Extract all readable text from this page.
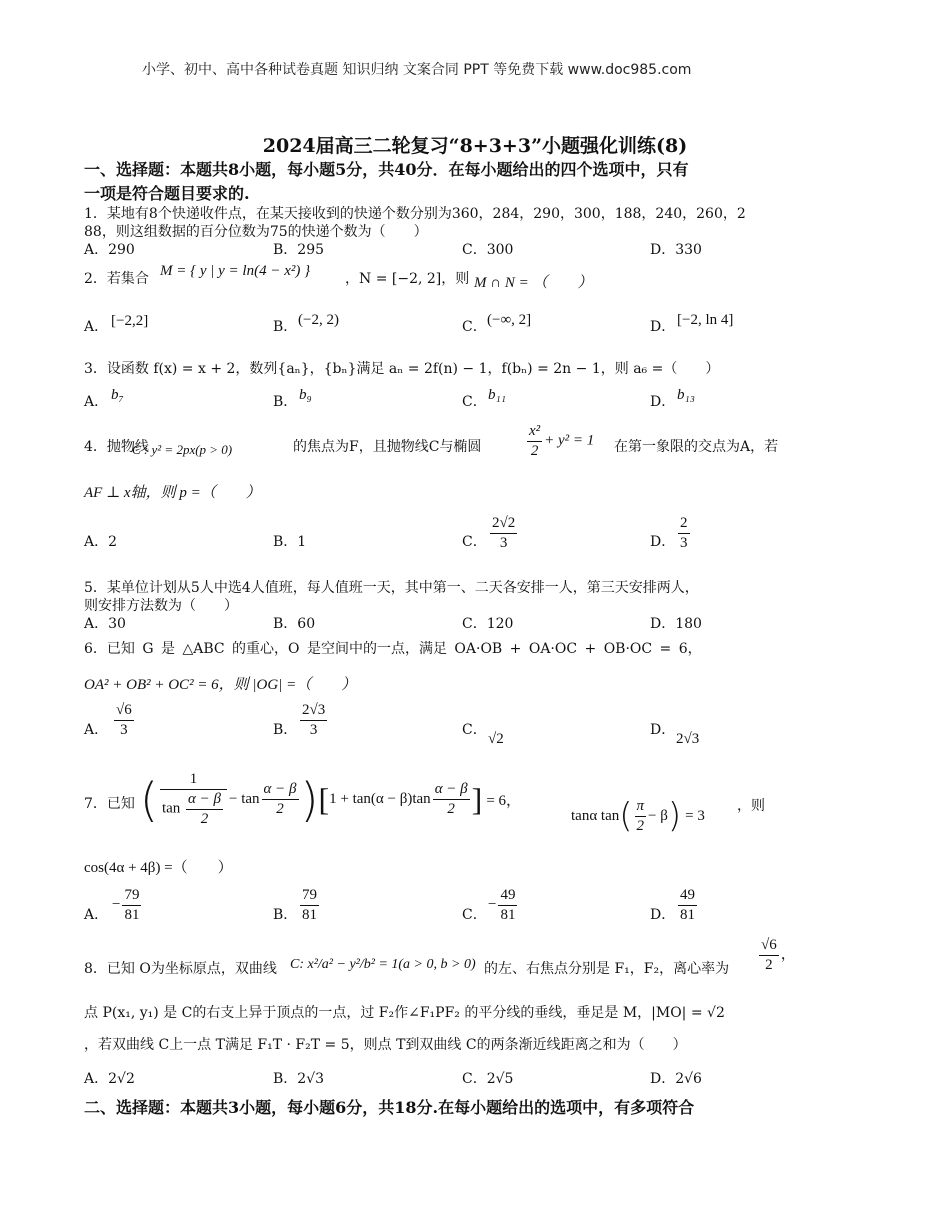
小学、初中、高中各种试卷真题 知识归纳 文案合同 PPT 等免费下载 www.doc985.com
2024届高三二轮复习“8+3+3”小题强化训练(8)
一、选择题：本题共8小题，每小题5分，共40分．在每小题给出的四个选项中，只有
一项是符合题目要求的.
1．某地有8个快递收件点，在某天接收到的快递个数分别为360，284，290，300，188，240，260，2
88，则这组数据的百分位数为75的快递个数为（　　）
A．290	B．295	C．300	D．330
2．若集合 M = { y | y = ln(4 − x²) } ，N = [−2, 2]，则 M ∩ N = （　　）
A． [−2,2]	B． (−2, 2)	C． (−∞, 2]	D． [−2, ln 4]
3．设函数 f(x) = x + 2，数列{aₙ}，{bₙ}满足 aₙ = 2f(n) − 1，f(bₙ) = 2n − 1，则 a₆ =（　　）
A． b₇	B． b₉	C． b₁₁	D． b₁₃
4．抛物线
C : y² = 2px(p > 0)	的焦点为F，且抛物线C与椭圆	$\frac{\text{x²}}{2} + y^2 = 1$ 在第一象限的交点为A，若
AF ⊥ x轴，则 p =（　　）
A．2	B．1	C． $\frac{2√2}{3}$	D． $\frac{2}{3}$
5．某单位计划从5人中选4人值班，每人值班一天，其中第一、二天各安排一人，第三天安排两人，
则安排方法数为（　　）
A．30	B．60	C．120	D．180
6．已知 G 是 △ABC 的重心，O 是空间中的一点，满足 OA·OB + OA·OC + OB·OC = 6，
OA² + OB² + OC² = 6，则 |OG| =（　　）
A． $\frac{√6}{3}$	B． $\frac{2√3}{3}$	C．
√2
D．
2√3
7．已知 ( $\frac{1}{\tan \frac{\alpha - \beta}{2}} - \tan \frac{\alpha - \beta}{2}$ ) [ $1 + \tan(\alpha - \beta)\tan \frac{\alpha - \beta}{2}$ ] = 6，
tanα tan ( $\frac{\pi}{2} - \beta$ ) = 3
，则
cos(4α + 4β) =（　　）
A．
− $\frac{79}{81}$	B． $\frac{79}{81}$	C．
− $\frac{49}{81}$	D． $\frac{49}{81}$
8．已知 O为坐标原点，双曲线 C: x²/a² − y²/b² = 1(a > 0, b > 0) 的左、右焦点分别是 F₁，F₂，离心率为 $\frac{√6}{2}$ ，
点 P(x₁, y₁) 是 C的右支上异于顶点的一点，过 F₂作∠F₁PF₂ 的平分线的垂线，垂足是 M，|MO| = √2
，若双曲线 C上一点 T满足 F₁T · F₂T = 5，则点 T到双曲线 C的两条渐近线距离之和为（　　）
A．2√2	B．2√3	C．2√5	D．2√6
二、选择题：本题共3小题，每小题6分，共18分.在每小题给出的选项中，有多项符合
